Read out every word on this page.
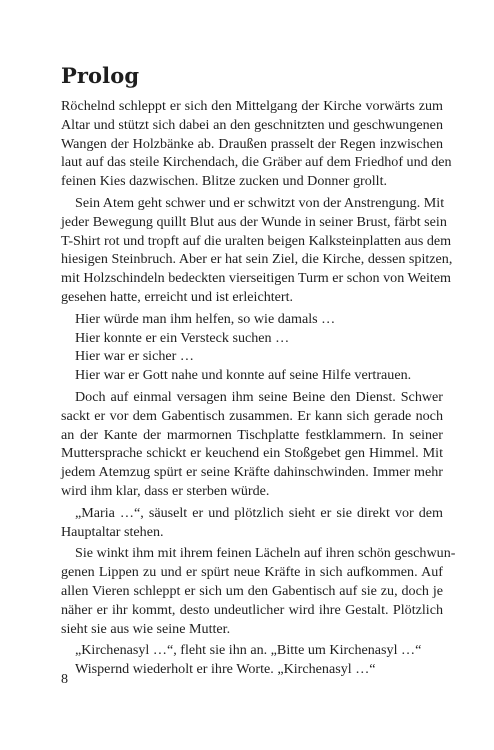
Prolog
Röchelnd schleppt er sich den Mittelgang der Kirche vorwärts zum
Altar und stützt sich dabei an den geschnitzten und geschwungenen
Wangen der Holzbänke ab. Draußen prasselt der Regen inzwischen
laut auf das steile Kirchendach, die Gräber auf dem Friedhof und den
feinen Kies dazwischen. Blitze zucken und Donner grollt.
Sein Atem geht schwer und er schwitzt von der Anstrengung. Mit
jeder Bewegung quillt Blut aus der Wunde in seiner Brust, färbt sein
T-Shirt rot und tropft auf die uralten beigen Kalksteinplatten aus dem
hiesigen Steinbruch. Aber er hat sein Ziel, die Kirche, dessen spitzen,
mit Holzschindeln bedeckten vierseitigen Turm er schon von Weitem
gesehen hatte, erreicht und ist erleichtert.
Hier würde man ihm helfen, so wie damals …
Hier konnte er ein Versteck suchen …
Hier war er sicher …
Hier war er Gott nahe und konnte auf seine Hilfe vertrauen.
Doch auf einmal versagen ihm seine Beine den Dienst. Schwer
sackt er vor dem Gabentisch zusammen. Er kann sich gerade noch
an der Kante der marmornen Tischplatte festklammern. In seiner
Muttersprache schickt er keuchend ein Stoßgebet gen Himmel. Mit
jedem Atemzug spürt er seine Kräfte dahinschwinden. Immer mehr
wird ihm klar, dass er sterben würde.
„Maria …“, säuselt er und plötzlich sieht er sie direkt vor dem
Hauptaltar stehen.
Sie winkt ihm mit ihrem feinen Lächeln auf ihren schön geschwun-
genen Lippen zu und er spürt neue Kräfte in sich aufkommen. Auf
allen Vieren schleppt er sich um den Gabentisch auf sie zu, doch je
näher er ihr kommt, desto undeutlicher wird ihre Gestalt. Plötzlich
sieht sie aus wie seine Mutter.
„Kirchenasyl …“, fleht sie ihn an. „Bitte um Kirchenasyl …“
Wispernd wiederholt er ihre Worte. „Kirchenasyl …“
8
